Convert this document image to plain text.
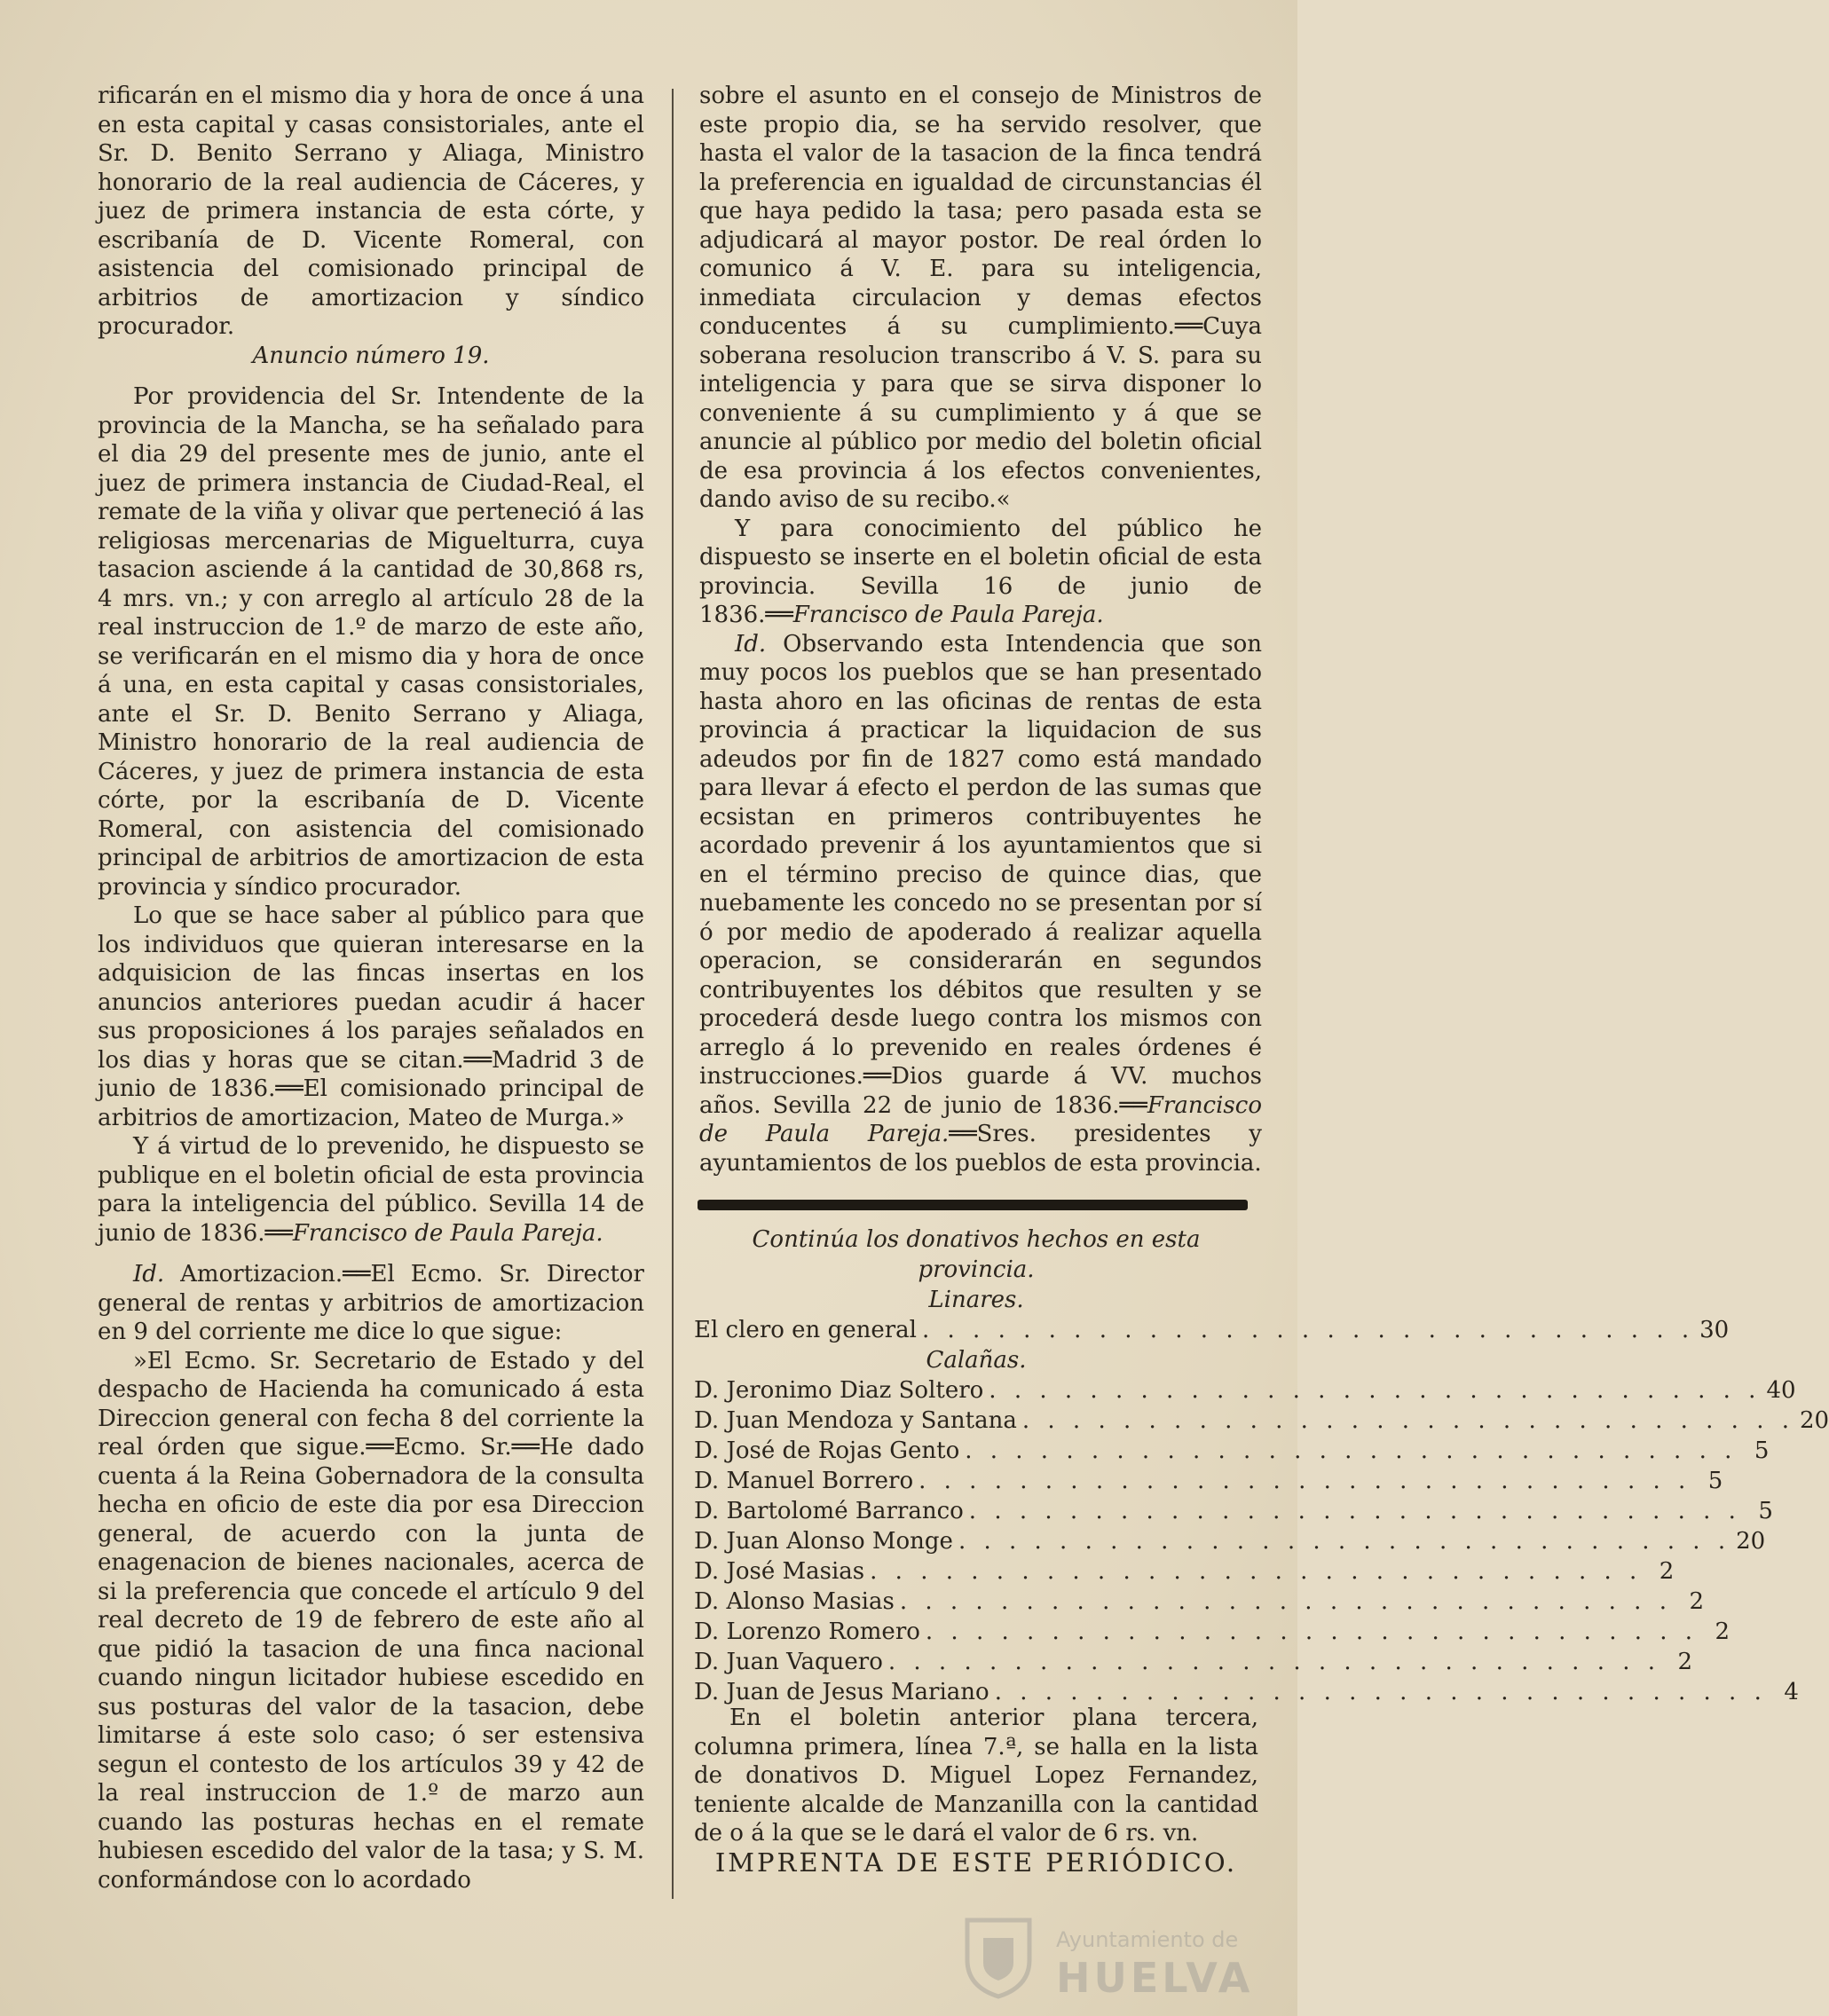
rificarán en el mismo dia y hora de once á una en esta capital y casas consistoriales, ante el Sr. D. Benito Serrano y Aliaga, Ministro honorario de la real audiencia de Cáceres, y juez de primera instancia de esta córte, y escribanía de D. Vicente Romeral, con asistencia del comisionado principal de arbitrios de amortizacion y síndico procurador.

Anuncio número 19.

Por providencia del Sr. Intendente de la provincia de la Mancha, se ha señalado para el dia 29 del presente mes de junio, ante el juez de primera instancia de Ciudad-Real, el remate de la viña y olivar que perteneció á las religiosas mercenarias de Miguelturra, cuya tasacion asciende á la cantidad de 30,868 rs, 4 mrs. vn.; y con arreglo al artículo 28 de la real instruccion de 1.º de marzo de este año, se verificarán en el mismo dia y hora de once á una, en esta capital y casas consistoriales, ante el Sr. D. Benito Serrano y Aliaga, Ministro honorario de la real audiencia de Cáceres, y juez de primera instancia de esta córte, por la escribanía de D. Vicente Romeral, con asistencia del comisionado principal de arbitrios de amortizacion de esta provincia y síndico procurador.

Lo que se hace saber al público para que los individuos que quieran interesarse en la adquisicion de las fincas insertas en los anuncios anteriores puedan acudir á hacer sus proposiciones á los parajes señalados en los dias y horas que se citan.══Madrid 3 de junio de 1836.══El comisionado principal de arbitrios de amortizacion, Mateo de Murga.»

Y á virtud de lo prevenido, he dispuesto se publique en el boletin oficial de esta provincia para la inteligencia del público. Sevilla 14 de junio de 1836.══Francisco de Paula Pareja.

Id. Amortizacion.══El Ecmo. Sr. Director general de rentas y arbitrios de amortizacion en 9 del corriente me dice lo que sigue:

»El Ecmo. Sr. Secretario de Estado y del despacho de Hacienda ha comunicado á esta Direccion general con fecha 8 del corriente la real órden que sigue.══Ecmo. Sr.══He dado cuenta á la Reina Gobernadora de la consulta hecha en oficio de este dia por esa Direccion general, de acuerdo con la junta de enagenacion de bienes nacionales, acerca de si la preferencia que concede el artículo 9 del real decreto de 19 de febrero de este año al que pidió la tasacion de una finca nacional cuando ningun licitador hubiese escedido en sus posturas del valor de la tasacion, debe limitarse á este solo caso; ó ser estensiva segun el contesto de los artículos 39 y 42 de la real instruccion de 1.º de marzo aun cuando las posturas hechas en el remate hubiesen escedido del valor de la tasa; y S. M. conformándose con lo acordado

sobre el asunto en el consejo de Ministros de este propio dia, se ha servido resolver, que hasta el valor de la tasacion de la finca tendrá la preferencia en igualdad de circunstancias él que haya pedido la tasa; pero pasada esta se adjudicará al mayor postor. De real órden lo comunico á V. E. para su inteligencia, inmediata circulacion y demas efectos conducentes á su cumplimiento.══Cuya soberana resolucion transcribo á V. S. para su inteligencia y para que se sirva disponer lo conveniente á su cumplimiento y á que se anuncie al público por medio del boletin oficial de esa provincia á los efectos convenientes, dando aviso de su recibo.«

Y para conocimiento del público he dispuesto se inserte en el boletin oficial de esta provincia. Sevilla 16 de junio de 1836.══Francisco de Paula Pareja.

Id. Observando esta Intendencia que son muy pocos los pueblos que se han presentado hasta ahoro en las oficinas de rentas de esta provincia á practicar la liquidacion de sus adeudos por fin de 1827 como está mandado para llevar á efecto el perdon de las sumas que ecsistan en primeros contribuyentes he acordado prevenir á los ayuntamientos que si en el término preciso de quince dias, que nuebamente les concedo no se presentan por sí ó por medio de apoderado á realizar aquella operacion, se considerarán en segundos contribuyentes los débitos que resulten y se procederá desde luego contra los mismos con arreglo á lo prevenido en reales órdenes é instrucciones.══Dios guarde á VV. muchos años. Sevilla 22 de junio de 1836.══Francisco de Paula Pareja.══Sres. presidentes y ayuntamientos de los pueblos de esta provincia.

Continúa los donativos hechos en esta provincia.

Linares.

El clero en general . . . . . . . . . . . . . . . . . . . . . . . . . . . . . . . 30

Calañas.

D. Jeronimo Diaz Soltero . . . . . . . . . . . . . . . . . . . . . . . . . . . . . . . 40
D. Juan Mendoza y Santana . . . . . . . . . . . . . . . . . . . . . . . . . . . . . . . 20
D. José de Rojas Gento . . . . . . . . . . . . . . . . . . . . . . . . . . . . . . . 5
D. Manuel Borrero . . . . . . . . . . . . . . . . . . . . . . . . . . . . . . . 5
D. Bartolomé Barranco . . . . . . . . . . . . . . . . . . . . . . . . . . . . . . . 5
D. Juan Alonso Monge . . . . . . . . . . . . . . . . . . . . . . . . . . . . . . . 20
D. José Masias . . . . . . . . . . . . . . . . . . . . . . . . . . . . . . . 2
D. Alonso Masias . . . . . . . . . . . . . . . . . . . . . . . . . . . . . . . 2
D. Lorenzo Romero . . . . . . . . . . . . . . . . . . . . . . . . . . . . . . . 2
D. Juan Vaquero . . . . . . . . . . . . . . . . . . . . . . . . . . . . . . . 2
D. Juan de Jesus Mariano . . . . . . . . . . . . . . . . . . . . . . . . . . . . . . . 4

En el boletin anterior plana tercera, columna primera, línea 7.ª, se halla en la lista de donativos D. Miguel Lopez Fernandez, teniente alcalde de Manzanilla con la cantidad de o á la que se le dará el valor de 6 rs. vn.

IMPRENTA DE ESTE PERIÓDICO.
Ayuntamiento de
HUELVA
